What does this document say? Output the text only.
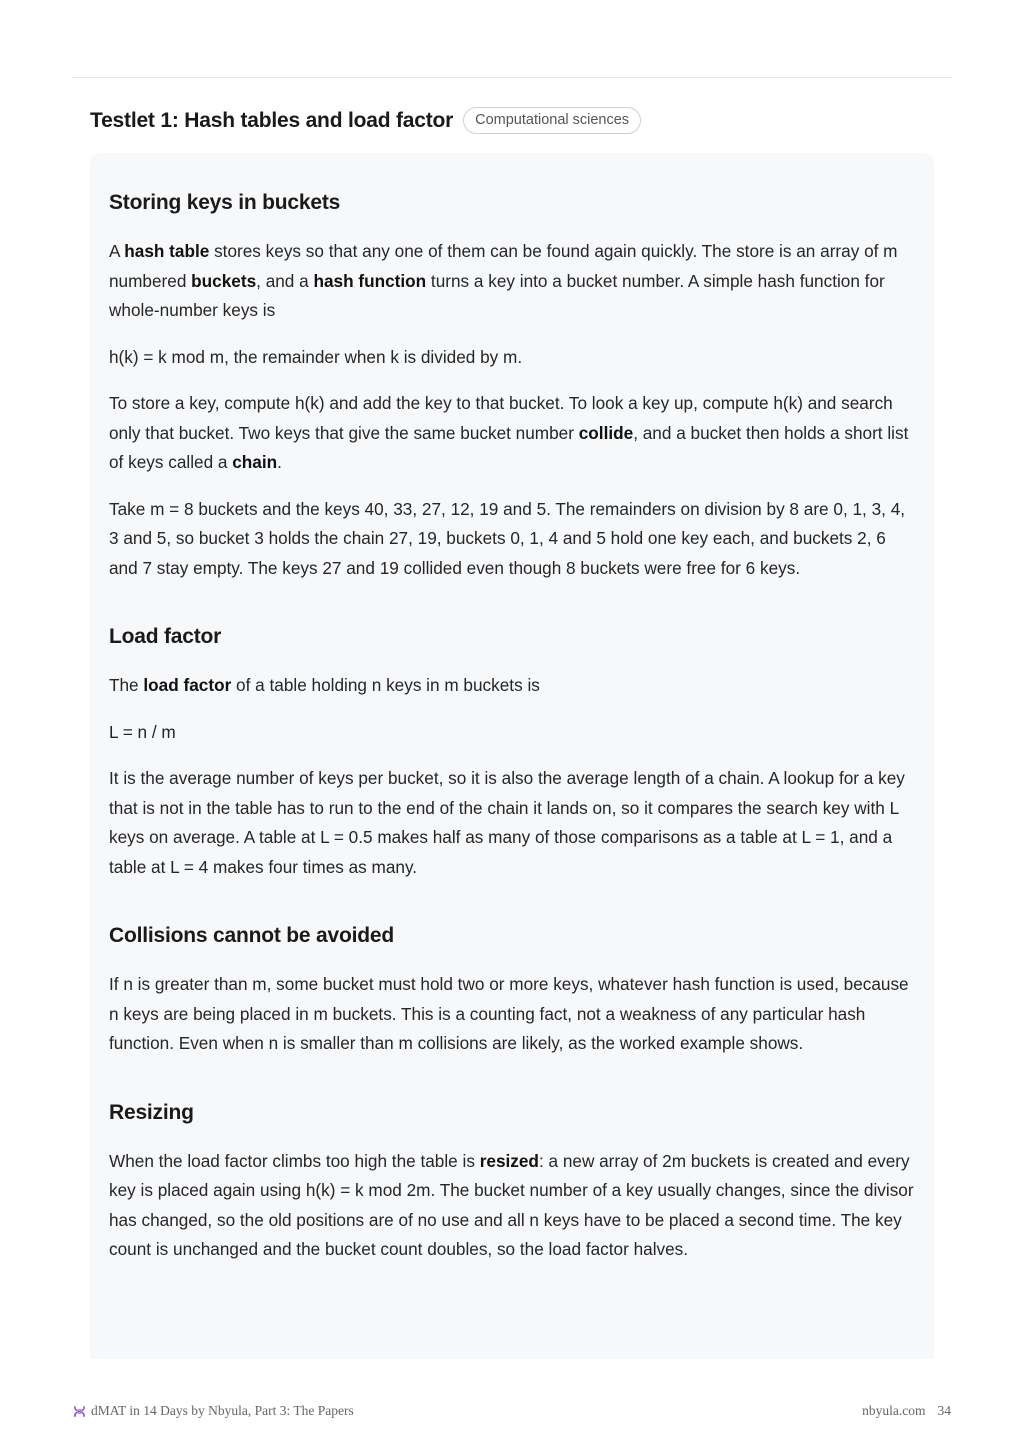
Testlet 1: Hash tables and load factor	Computational sciences
Storing keys in buckets

A hash table stores keys so that any one of them can be found again quickly. The store is an array of m numbered buckets, and a hash function turns a key into a bucket number. A simple hash function for whole-number keys is

h(k) = k mod m, the remainder when k is divided by m.

To store a key, compute h(k) and add the key to that bucket. To look a key up, compute h(k) and search only that bucket. Two keys that give the same bucket number collide, and a bucket then holds a short list of keys called a chain.

Take m = 8 buckets and the keys 40, 33, 27, 12, 19 and 5. The remainders on division by 8 are 0, 1, 3, 4, 3 and 5, so bucket 3 holds the chain 27, 19, buckets 0, 1, 4 and 5 hold one key each, and buckets 2, 6 and 7 stay empty. The keys 27 and 19 collided even though 8 buckets were free for 6 keys.

Load factor

The load factor of a table holding n keys in m buckets is

L = n / m

It is the average number of keys per bucket, so it is also the average length of a chain. A lookup for a key that is not in the table has to run to the end of the chain it lands on, so it compares the search key with L keys on average. A table at L = 0.5 makes half as many of those comparisons as a table at L = 1, and a table at L = 4 makes four times as many.

Collisions cannot be avoided

If n is greater than m, some bucket must hold two or more keys, whatever hash function is used, because n keys are being placed in m buckets. This is a counting fact, not a weakness of any particular hash function. Even when n is smaller than m collisions are likely, as the worked example shows.

Resizing

When the load factor climbs too high the table is resized: a new array of 2m buckets is created and every key is placed again using h(k) = k mod 2m. The bucket number of a key usually changes, since the divisor has changed, so the old positions are of no use and all n keys have to be placed a second time. The key count is unchanged and the bucket count doubles, so the load factor halves.

dMAT in 14 Days by Nbyula, Part 3: The Papers	nbyula.com 34
